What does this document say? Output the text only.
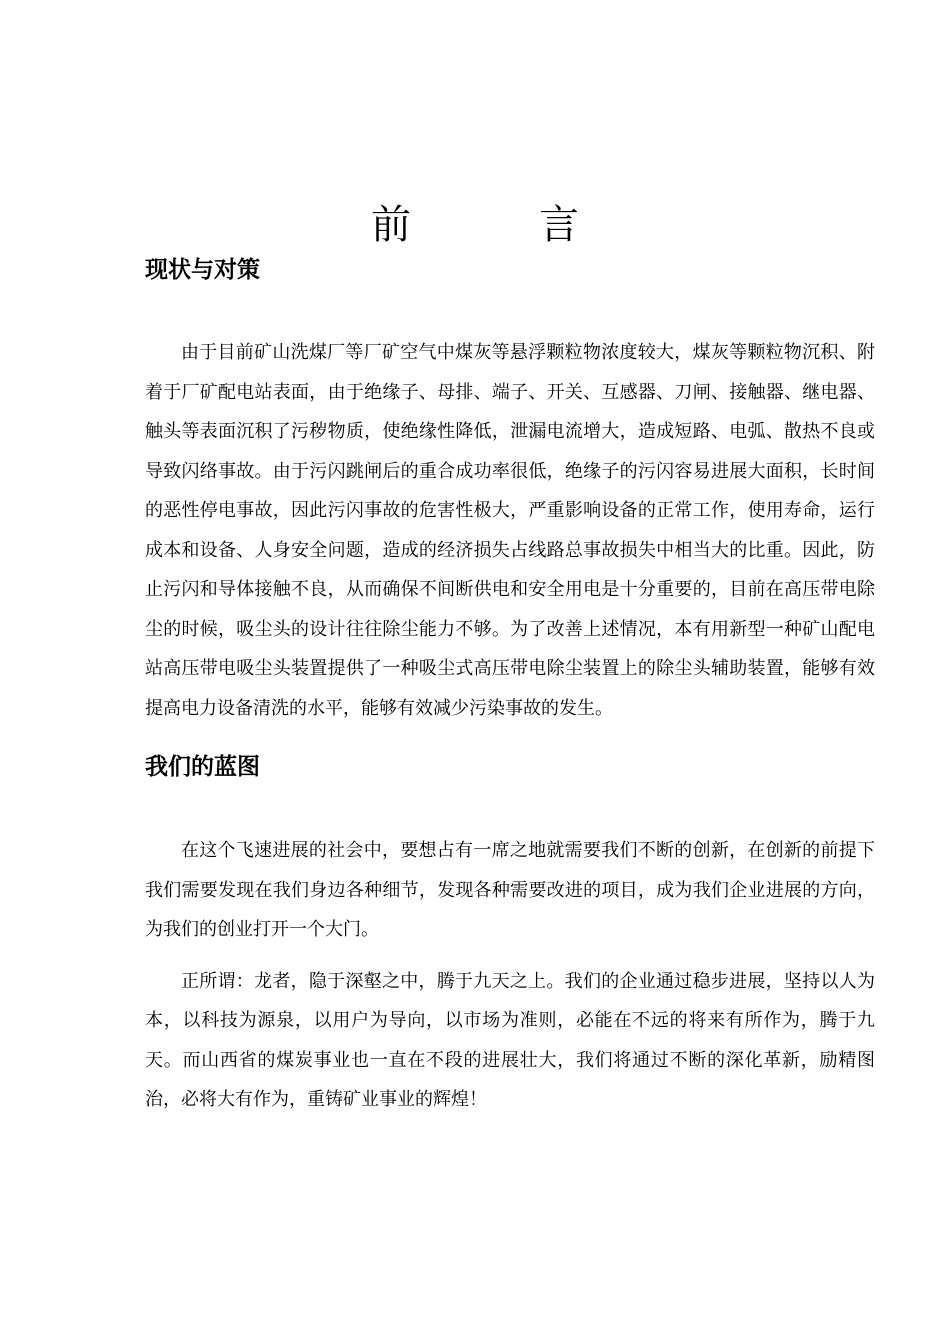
前　言
现状与对策

由于目前矿山洗煤厂等厂矿空气中煤灰等悬浮颗粒物浓度较大，煤灰等颗粒物沉积、附着于厂矿配电站表面，由于绝缘子、母排、端子、开关、互感器、刀闸、接触器、继电器、触头等表面沉积了污秽物质，使绝缘性降低，泄漏电流增大，造成短路、电弧、散热不良或导致闪络事故。由于污闪跳闸后的重合成功率很低，绝缘子的污闪容易进展大面积，长时间的恶性停电事故，因此污闪事故的危害性极大，严重影响设备的正常工作，使用寿命，运行成本和设备、人身安全问题，造成的经济损失占线路总事故损失中相当大的比重。因此，防止污闪和导体接触不良，从而确保不间断供电和安全用电是十分重要的，目前在高压带电除尘的时候，吸尘头的设计往往除尘能力不够。为了改善上述情况，本有用新型一种矿山配电站高压带电吸尘头装置提供了一种吸尘式高压带电除尘装置上的除尘头辅助装置，能够有效提高电力设备清洗的水平，能够有效减少污染事故的发生。

我们的蓝图

在这个飞速进展的社会中，要想占有一席之地就需要我们不断的创新，在创新的前提下我们需要发现在我们身边各种细节，发现各种需要改进的项目，成为我们企业进展的方向，为我们的创业打开一个大门。

正所谓：龙者，隐于深壑之中，腾于九天之上。我们的企业通过稳步进展，坚持以人为本，以科技为源泉，以用户为导向，以市场为准则，必能在不远的将来有所作为，腾于九天。而山西省的煤炭事业也一直在不段的进展壮大，我们将通过不断的深化革新，励精图治，必将大有作为，重铸矿业事业的辉煌！
